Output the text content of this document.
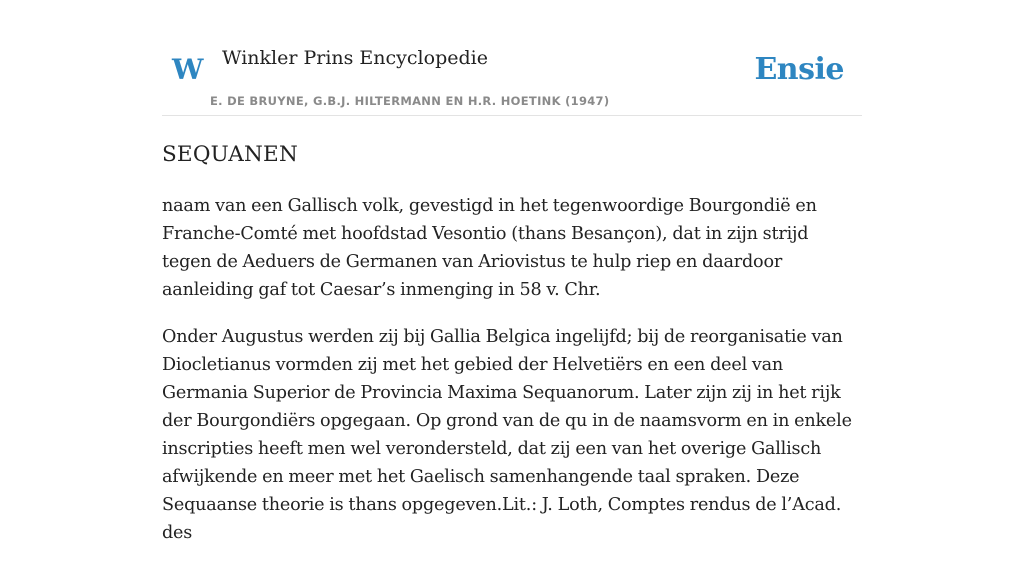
W Winkler Prins Encyclopedie
E. DE BRUYNE, G.B.J. HILTERMANN EN H.R. HOETINK (1947)
Ensie
SEQUANEN

naam van een Gallisch volk, gevestigd in het tegenwoordige Bourgondië en Franche-Comté met hoofdstad Vesontio (thans Besançon), dat in zijn strijd tegen de Aeduers de Germanen van Ariovistus te hulp riep en daardoor aanleiding gaf tot Caesar’s inmenging in 58 v. Chr.

Onder Augustus werden zij bij Gallia Belgica ingelijfd; bij de reorganisatie van Diocletianus vormden zij met het gebied der Helvetiërs en een deel van Germania Superior de Provincia Maxima Sequanorum. Later zijn zij in het rijk der Bourgondiërs opgegaan. Op grond van de qu in de naamsvorm en in enkele inscripties heeft men wel verondersteld, dat zij een van het overige Gallisch afwijkende en meer met het Gaelisch samenhangende taal spraken. Deze Sequaanse theorie is thans opgegeven.Lit.: J. Loth, Comptes rendus de l’Acad. des
